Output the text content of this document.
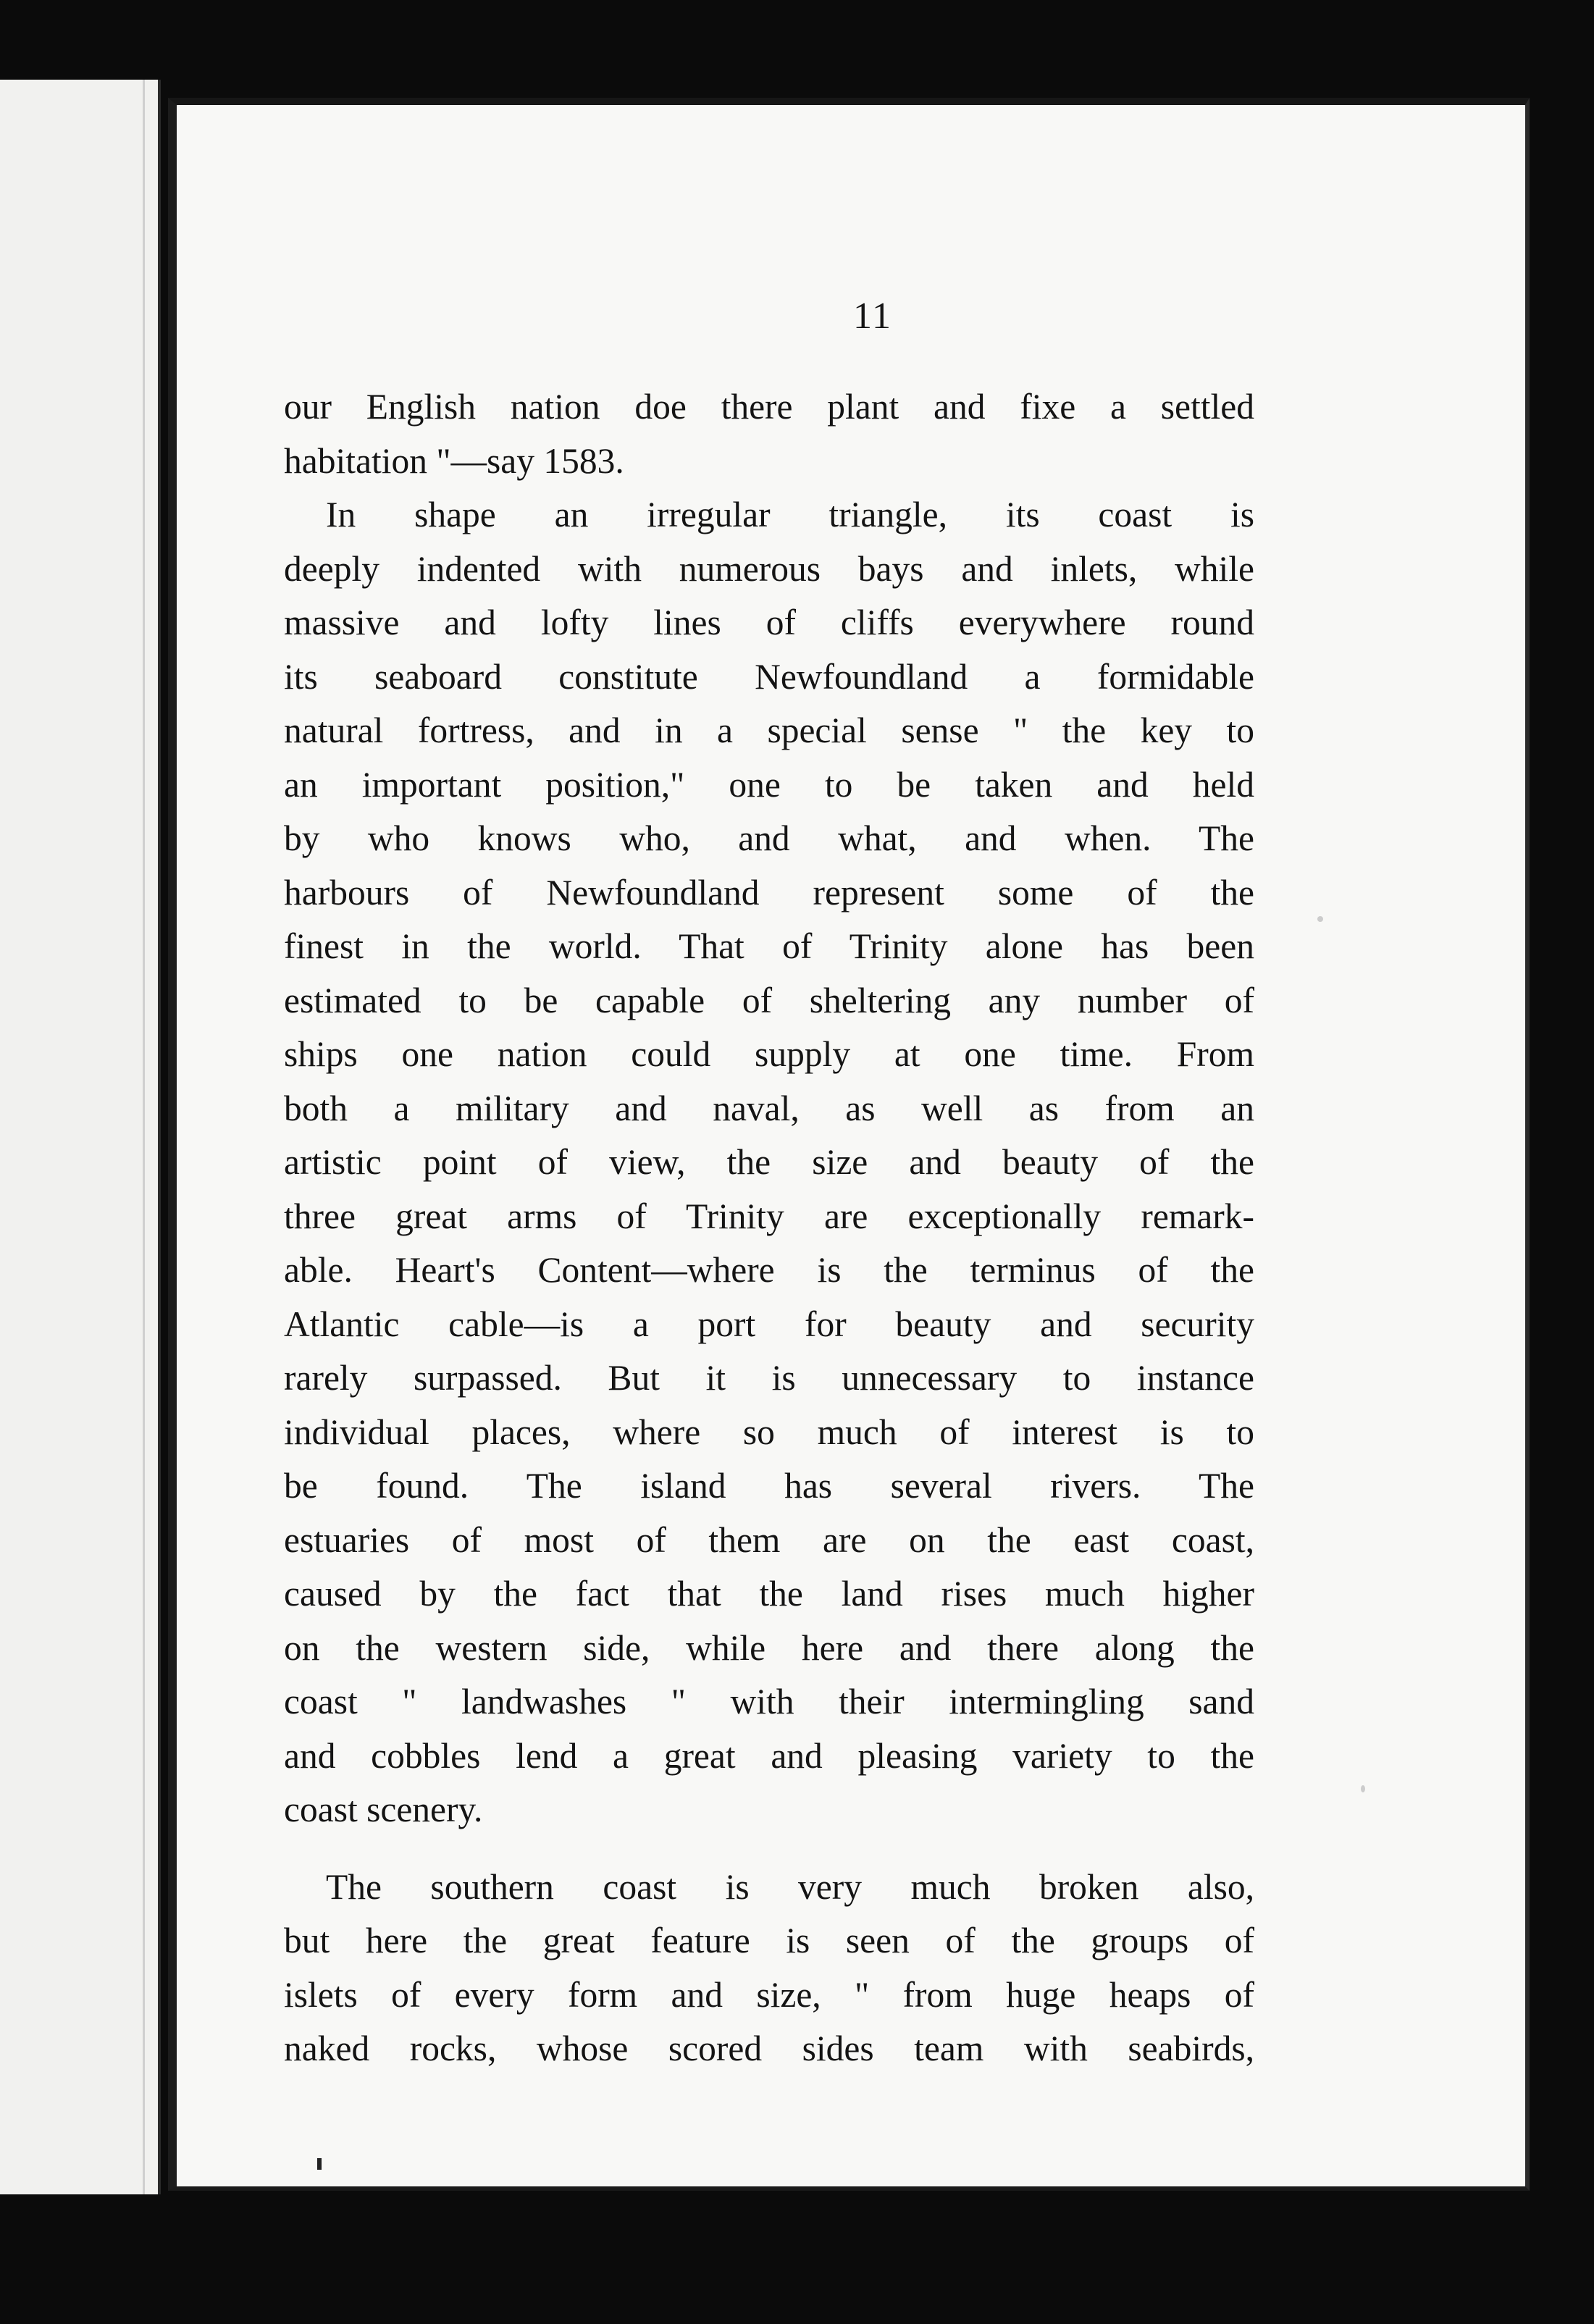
11
our English nation doe there plant and fixe a settled
habitation "—say 1583.
In shape an irregular triangle, its coast is
deeply indented with numerous bays and inlets, while
massive and lofty lines of cliffs everywhere round
its seaboard constitute Newfoundland a formidable
natural fortress, and in a special sense " the key to
an important position," one to be taken and held
by who knows who, and what, and when. The
harbours of Newfoundland represent some of the
finest in the world. That of Trinity alone has been
estimated to be capable of sheltering any number of
ships one nation could supply at one time. From
both a military and naval, as well as from an
artistic point of view, the size and beauty of the
three great arms of Trinity are exceptionally remark-
able. Heart's Content—where is the terminus of the
Atlantic cable—is a port for beauty and security
rarely surpassed. But it is unnecessary to instance
individual places, where so much of interest is to
be found. The island has several rivers. The
estuaries of most of them are on the east coast,
caused by the fact that the land rises much higher
on the western side, while here and there along the
coast " landwashes " with their intermingling sand
and cobbles lend a great and pleasing variety to the
coast scenery.
The southern coast is very much broken also,
but here the great feature is seen of the groups of
islets of every form and size, " from huge heaps of
naked rocks, whose scored sides team with seabirds,
